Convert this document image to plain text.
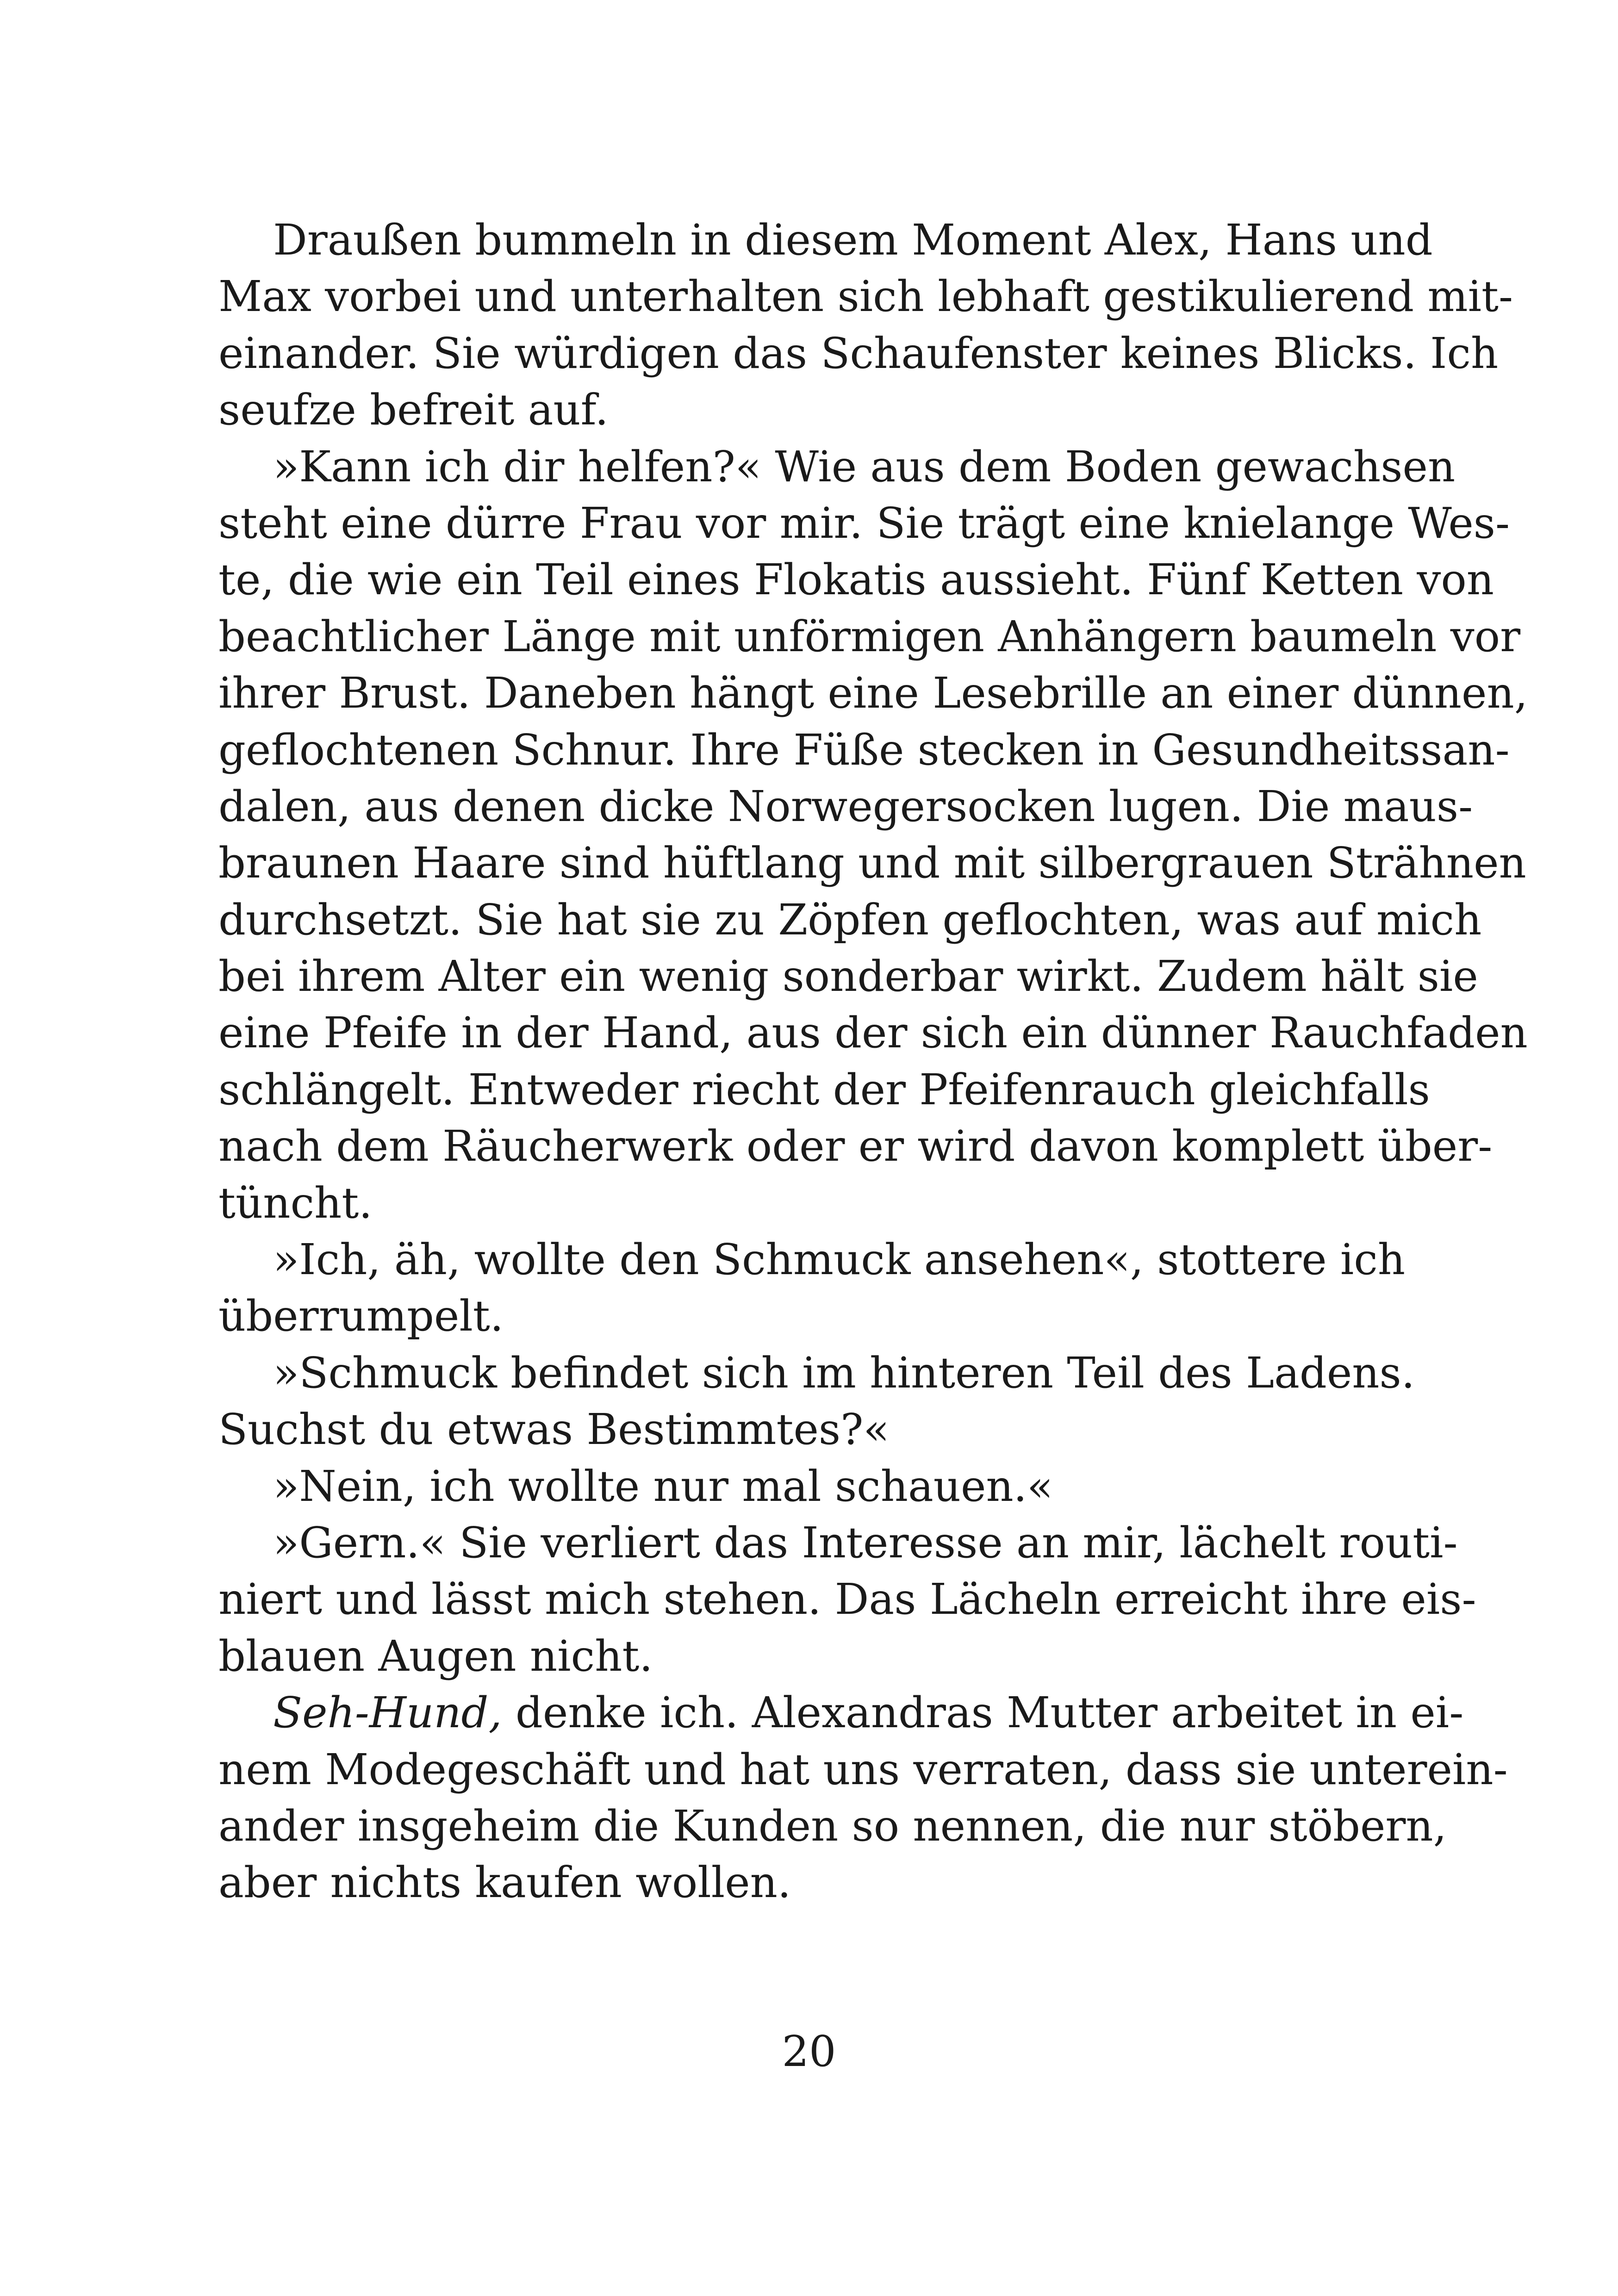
Draußen bummeln in diesem Moment Alex, Hans und
Max vorbei und unterhalten sich lebhaft gestikulierend mit-
einander. Sie würdigen das Schaufenster keines Blicks. Ich
seufze befreit auf.
»Kann ich dir helfen?« Wie aus dem Boden gewachsen
steht eine dürre Frau vor mir. Sie trägt eine knielange Wes-
te, die wie ein Teil eines Flokatis aussieht. Fünf Ketten von
beachtlicher Länge mit unförmigen Anhängern baumeln vor
ihrer Brust. Daneben hängt eine Lesebrille an einer dünnen,
geflochtenen Schnur. Ihre Füße stecken in Gesundheitssan-
dalen, aus denen dicke Norwegersocken lugen. Die maus-
braunen Haare sind hüftlang und mit silbergrauen Strähnen
durchsetzt. Sie hat sie zu Zöpfen geflochten, was auf mich
bei ihrem Alter ein wenig sonderbar wirkt. Zudem hält sie
eine Pfeife in der Hand, aus der sich ein dünner Rauchfaden
schlängelt. Entweder riecht der Pfeifenrauch gleichfalls
nach dem Räucherwerk oder er wird davon komplett über-
tüncht.
»Ich, äh, wollte den Schmuck ansehen«, stottere ich
überrumpelt.
»Schmuck befindet sich im hinteren Teil des Ladens.
Suchst du etwas Bestimmtes?«
»Nein, ich wollte nur mal schauen.«
»Gern.« Sie verliert das Interesse an mir, lächelt routi-
niert und lässt mich stehen. Das Lächeln erreicht ihre eis-
blauen Augen nicht.
Seh-Hund, denke ich. Alexandras Mutter arbeitet in ei-
nem Modegeschäft und hat uns verraten, dass sie unterein-
ander insgeheim die Kunden so nennen, die nur stöbern,
aber nichts kaufen wollen.
20
